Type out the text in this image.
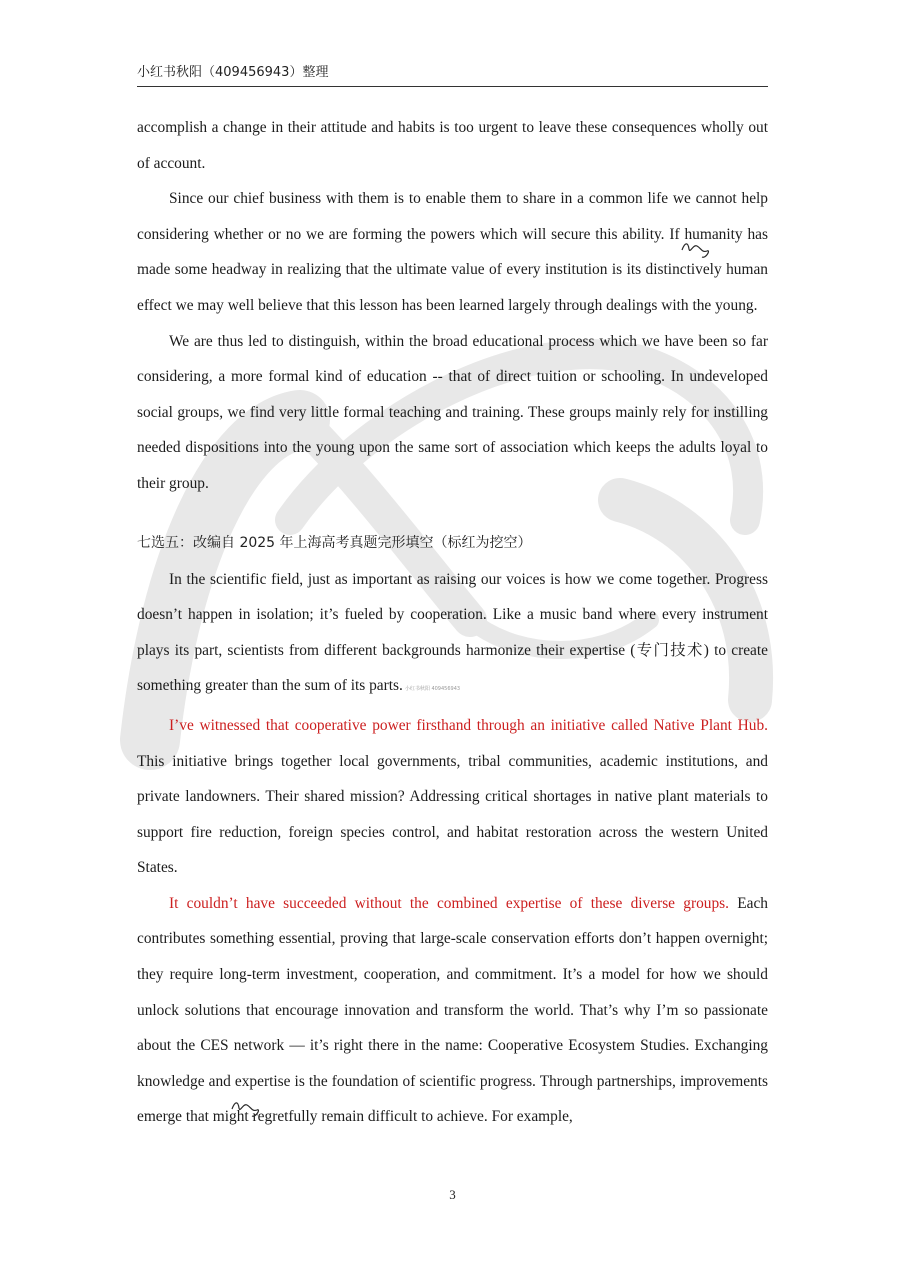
小红书秋阳（409456943）整理

accomplish a change in their attitude and habits is too urgent to leave these consequences wholly out of account.

Since our chief business with them is to enable them to share in a common life we cannot help considering whether or no we are forming the powers which will secure this ability. If humanity has made some headway in realizing that the ultimate value of every institution is its distinctively human effect we may well believe that this lesson has been learned largely through dealings with the young.

We are thus led to distinguish, within the broad educational process which we have been so far considering, a more formal kind of education -- that of direct tuition or schooling. In undeveloped social groups, we find very little formal teaching and training. These groups mainly rely for instilling needed dispositions into the young upon the same sort of association which keeps the adults loyal to their group.

七选五：改编自 2025 年上海高考真题完形填空（标红为挖空）

In the scientific field, just as important as raising our voices is how we come together. Progress doesn’t happen in isolation; it’s fueled by cooperation. Like a music band where every instrument plays its part, scientists from different backgrounds harmonize their expertise (专门技术) to create something greater than the sum of its parts. 小红书秋阳 409456943

I’ve witnessed that cooperative power firsthand through an initiative called Native Plant Hub. This initiative brings together local governments, tribal communities, academic institutions, and private landowners. Their shared mission? Addressing critical shortages in native plant materials to support fire reduction, foreign species control, and habitat restoration across the western United States.

It couldn’t have succeeded without the combined expertise of these diverse groups. Each contributes something essential, proving that large-scale conservation efforts don’t happen overnight; they require long-term investment, cooperation, and commitment. It’s a model for how we should unlock solutions that encourage innovation and transform the world. That’s why I’m so passionate about the CES network — it’s right there in the name: Cooperative Ecosystem Studies. Exchanging knowledge and expertise is the foundation of scientific progress. Through partnerships, improvements emerge that might regretfully remain difficult to achieve. For example,

3
